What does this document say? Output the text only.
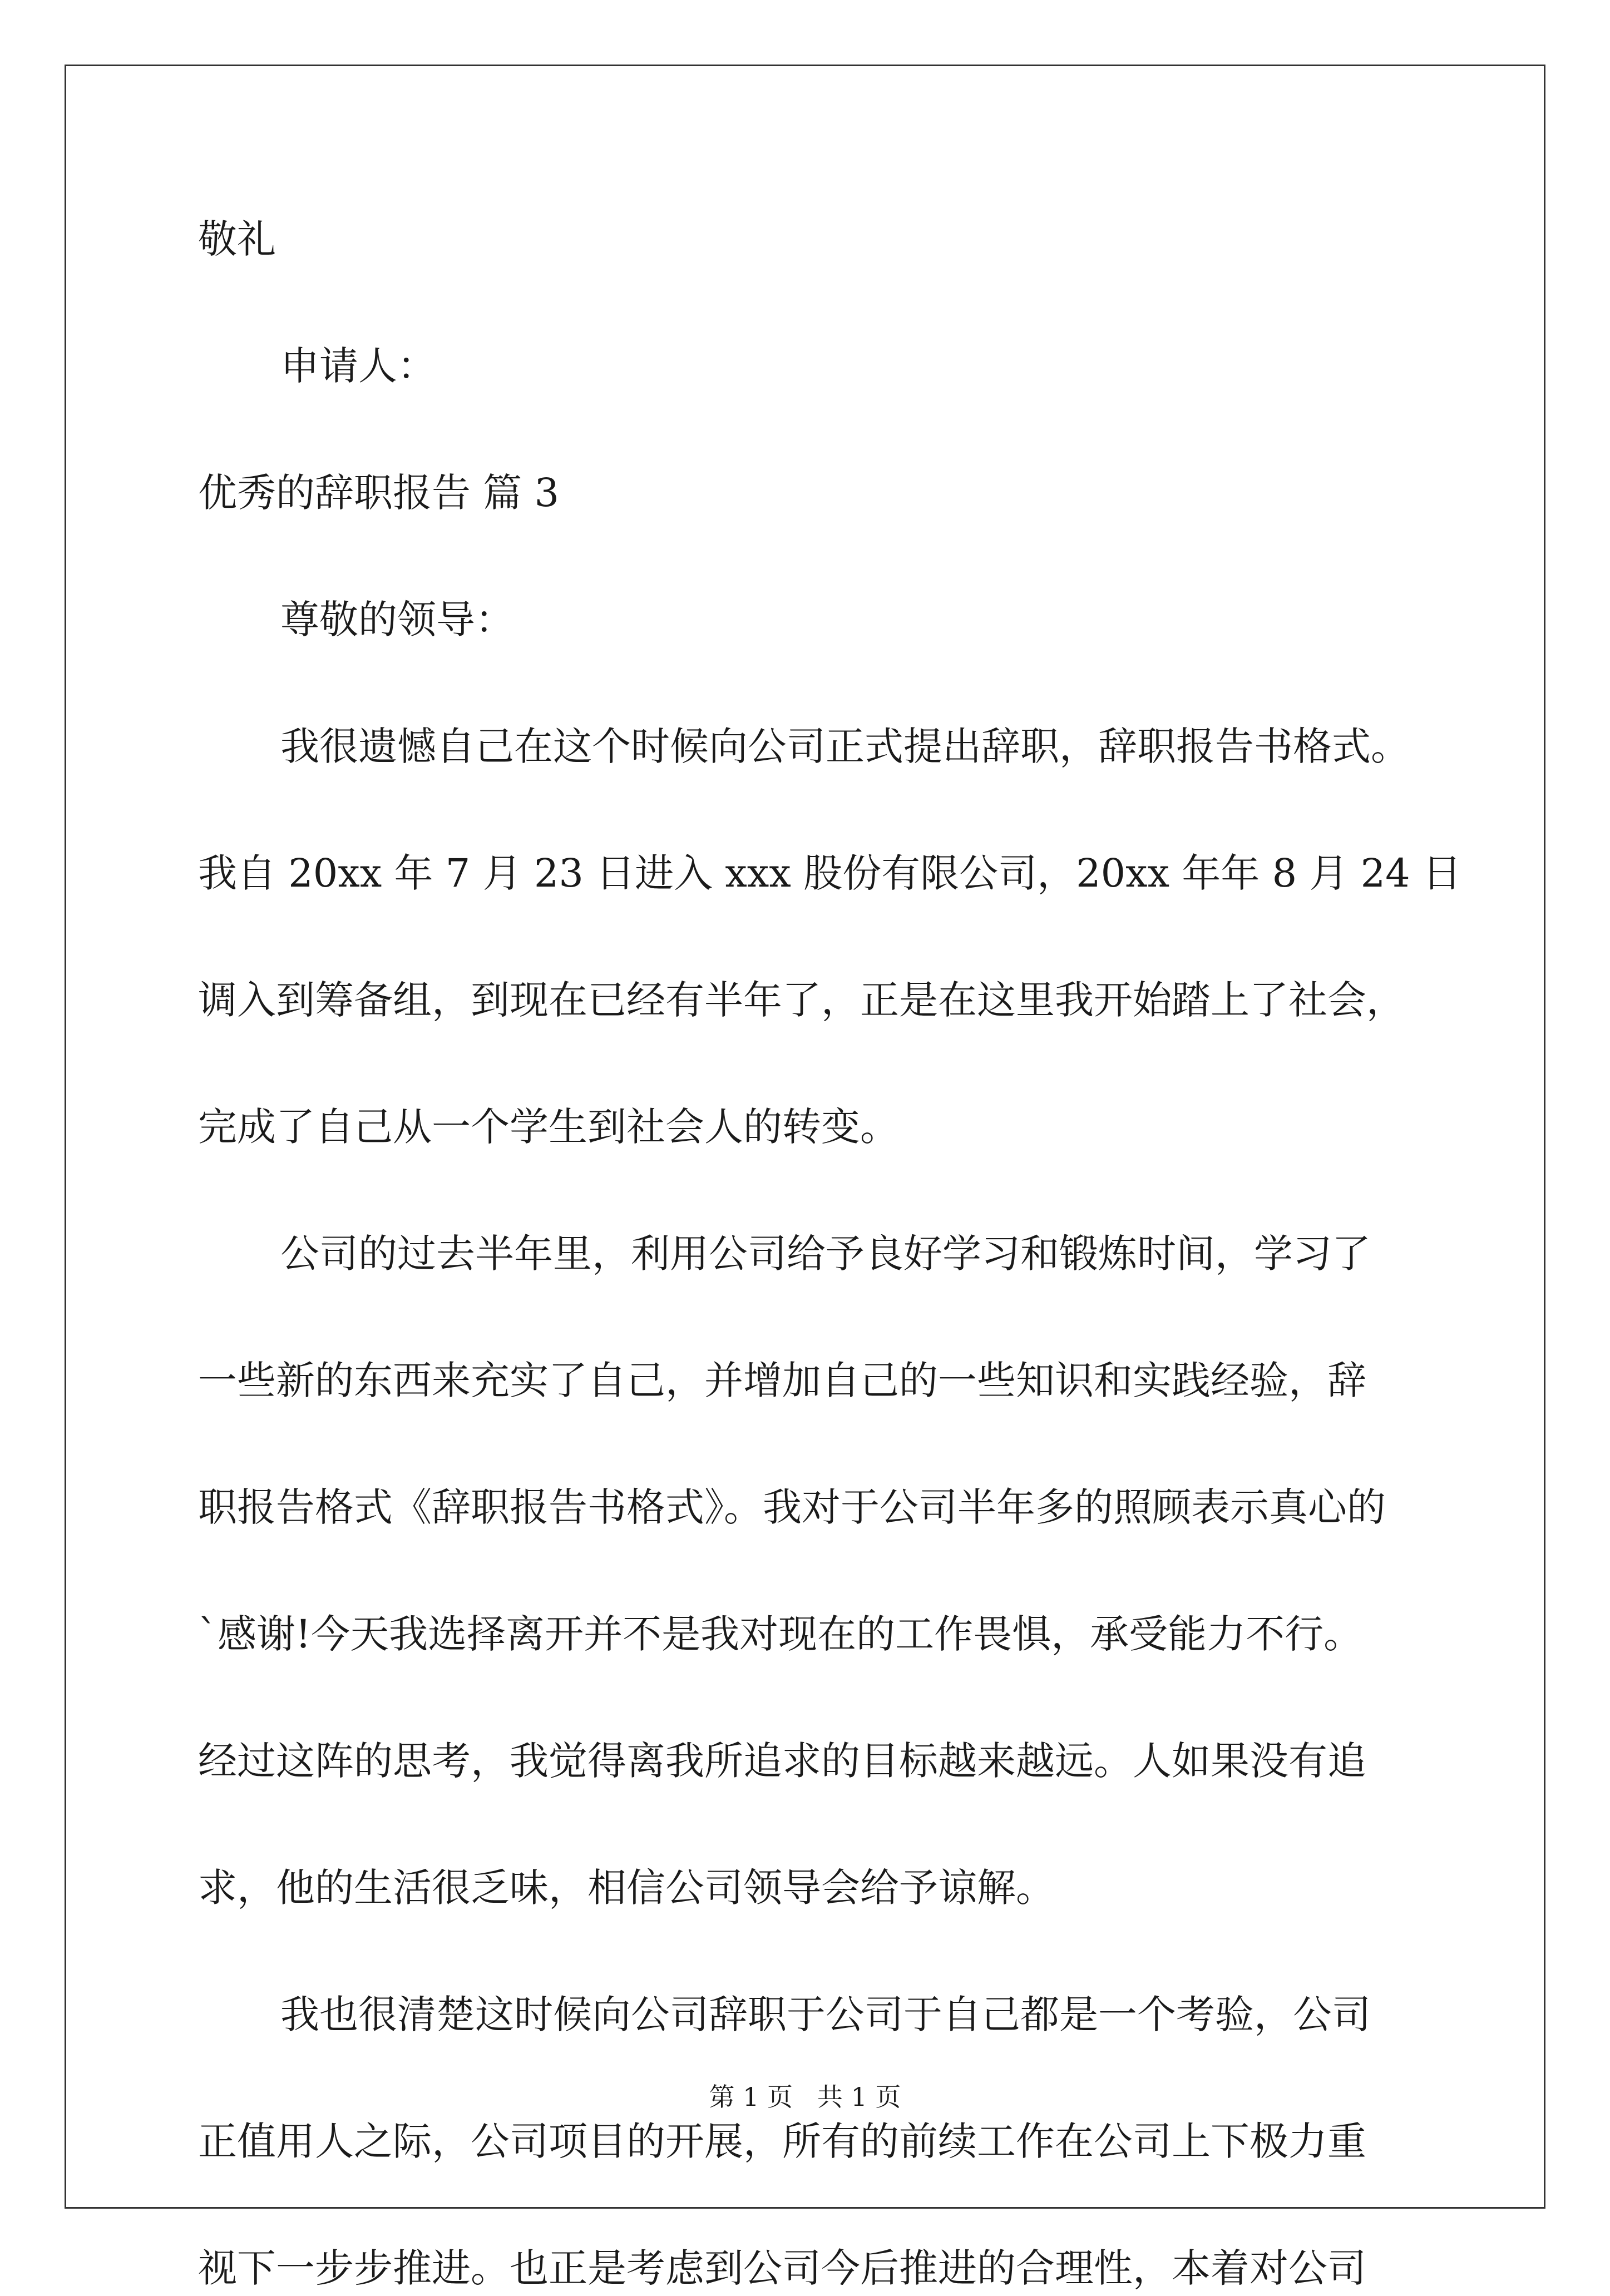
敬礼

申请人：

优秀的辞职报告 篇 3

尊敬的领导：

我很遗憾自己在这个时候向公司正式提出辞职，辞职报告书格式。

我自 20xx 年 7 月 23 日进入 xxx 股份有限公司，20xx 年年 8 月 24 日

调入到筹备组，到现在已经有半年了，正是在这里我开始踏上了社会，

完成了自己从一个学生到社会人的转变。

公司的过去半年里，利用公司给予良好学习和锻炼时间，学习了

一些新的东西来充实了自己，并增加自己的一些知识和实践经验，辞

职报告格式《辞职报告书格式》。我对于公司半年多的照顾表示真心的

`感谢!今天我选择离开并不是我对现在的工作畏惧，承受能力不行。

经过这阵的思考，我觉得离我所追求的目标越来越远。人如果没有追

求，他的生活很乏味，相信公司领导会给予谅解。

我也很清楚这时候向公司辞职于公司于自己都是一个考验，公司

正值用人之际，公司项目的开展，所有的前续工作在公司上下极力重

视下一步步推进。也正是考虑到公司今后推进的合理性，本着对公司

第 1 页   共 1 页
